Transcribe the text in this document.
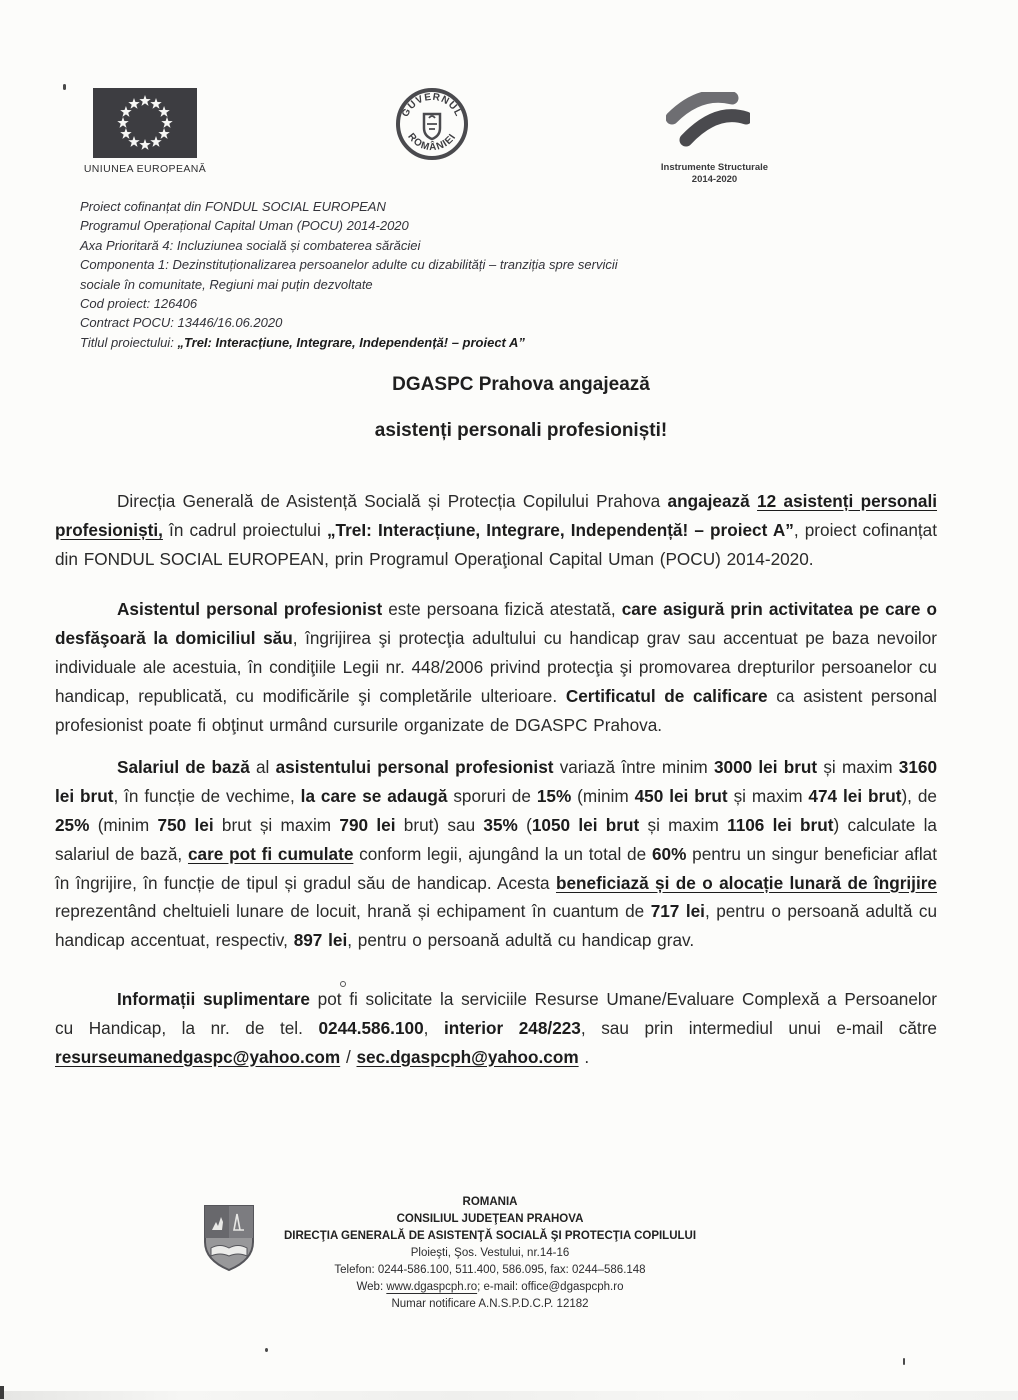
UNIUNEA EUROPEANĂ
GUVERNUL
ROMÂNIEI
Instrumente Structurale
2014-2020

Proiect cofinanțat din FONDUL SOCIAL EUROPEAN

Programul Operațional Capital Uman (POCU) 2014-2020

Axa Prioritară 4: Incluziunea socială și combaterea sărăciei

Componenta 1: Dezinstituționalizarea persoanelor adulte cu dizabilități – tranziția spre servicii sociale în comunitate, Regiuni mai puțin dezvoltate

Cod proiect: 126406

Contract POCU: 13446/16.06.2020

Titlul proiectului: „TreI: Interacțiune, Integrare, Independență! – proiect A”

DGASPC Prahova angajează
asistenți personali profesioniști!

Direcția Generală de Asistență Socială și Protecția Copilului Prahova angajează 12 asistenți personali profesioniști, în cadrul proiectului „TreI: Interacțiune, Integrare, Independență! – proiect A”, proiect cofinanțat din FONDUL SOCIAL EUROPEAN, prin Programul Operaţional Capital Uman (POCU) 2014-2020.

Asistentul personal profesionist este persoana fizică atestată, care asigură prin activitatea pe care o desfăşoară la domiciliul său, îngrijirea şi protecţia adultului cu handicap grav sau accentuat pe baza nevoilor individuale ale acestuia, în condiţiile Legii nr. 448/2006 privind protecţia şi promovarea drepturilor persoanelor cu handicap, republicată, cu modificările şi completările ulterioare. Certificatul de calificare ca asistent personal profesionist poate fi obţinut urmând cursurile organizate de DGASPC Prahova.

Salariul de bază al asistentului personal profesionist variază între minim 3000 lei brut și maxim 3160 lei brut, în funcție de vechime, la care se adaugă sporuri de 15% (minim 450 lei brut și maxim 474 lei brut), de 25% (minim 750 lei brut și maxim 790 lei brut) sau 35% (1050 lei brut și maxim 1106 lei brut) calculate la salariul de bază, care pot fi cumulate conform legii, ajungând la un total de 60% pentru un singur beneficiar aflat în îngrijire, în funcție de tipul și gradul său de handicap. Acesta beneficiază și de o alocație lunară de îngrijire reprezentând cheltuieli lunare de locuit, hrană și echipament în cuantum de 717 lei, pentru o persoană adultă cu handicap accentuat, respectiv, 897 lei, pentru o persoană adultă cu handicap grav.

Informații suplimentare pot fi solicitate la serviciile Resurse Umane/Evaluare Complexă a Persoanelor cu Handicap, la nr. de tel. 0244.586.100, interior 248/223, sau prin intermediul unui e-mail către resurseumanedgaspc@yahoo.com / sec.dgaspcph@yahoo.com .

ROMANIA
CONSILIUL JUDEŢEAN PRAHOVA
DIRECŢIA GENERALĂ DE ASISTENŢĂ SOCIALĂ ŞI PROTECŢIA COPILULUI
Ploieşti, Şos. Vestului, nr.14-16
Telefon: 0244-586.100, 511.400, 586.095, fax: 0244–586.148
Web: www.dgaspcph.ro; e-mail: office@dgaspcph.ro
Numar notificare A.N.S.P.D.C.P. 12182
